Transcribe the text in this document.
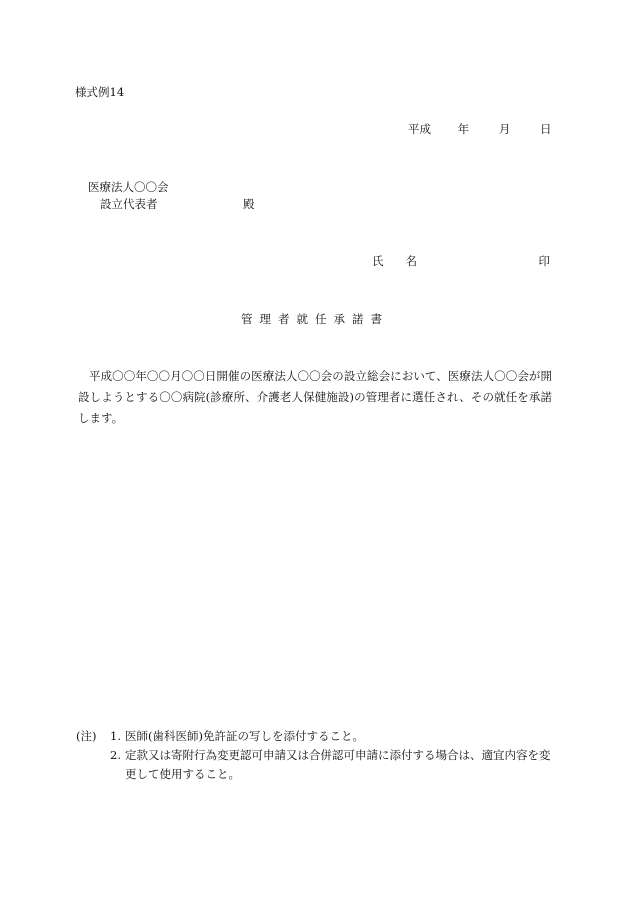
様式例14
平成 年	月	日
医療法人〇〇会
設立代表者	殿
氏 名	印
管理者就任承諾書
平成〇〇年〇〇月〇〇日開催の医療法人〇〇会の設立総会において、医療法人〇〇会が開設しようとする〇〇病院(診療所、介護老人保健施設)の管理者に選任され、その就任を承諾します。
(注)	1. 医師(歯科医師)免許証の写しを添付すること。
2. 定款又は寄附行為変更認可申請又は合併認可申請に添付する場合は、適宜内容を変更して使用すること。
